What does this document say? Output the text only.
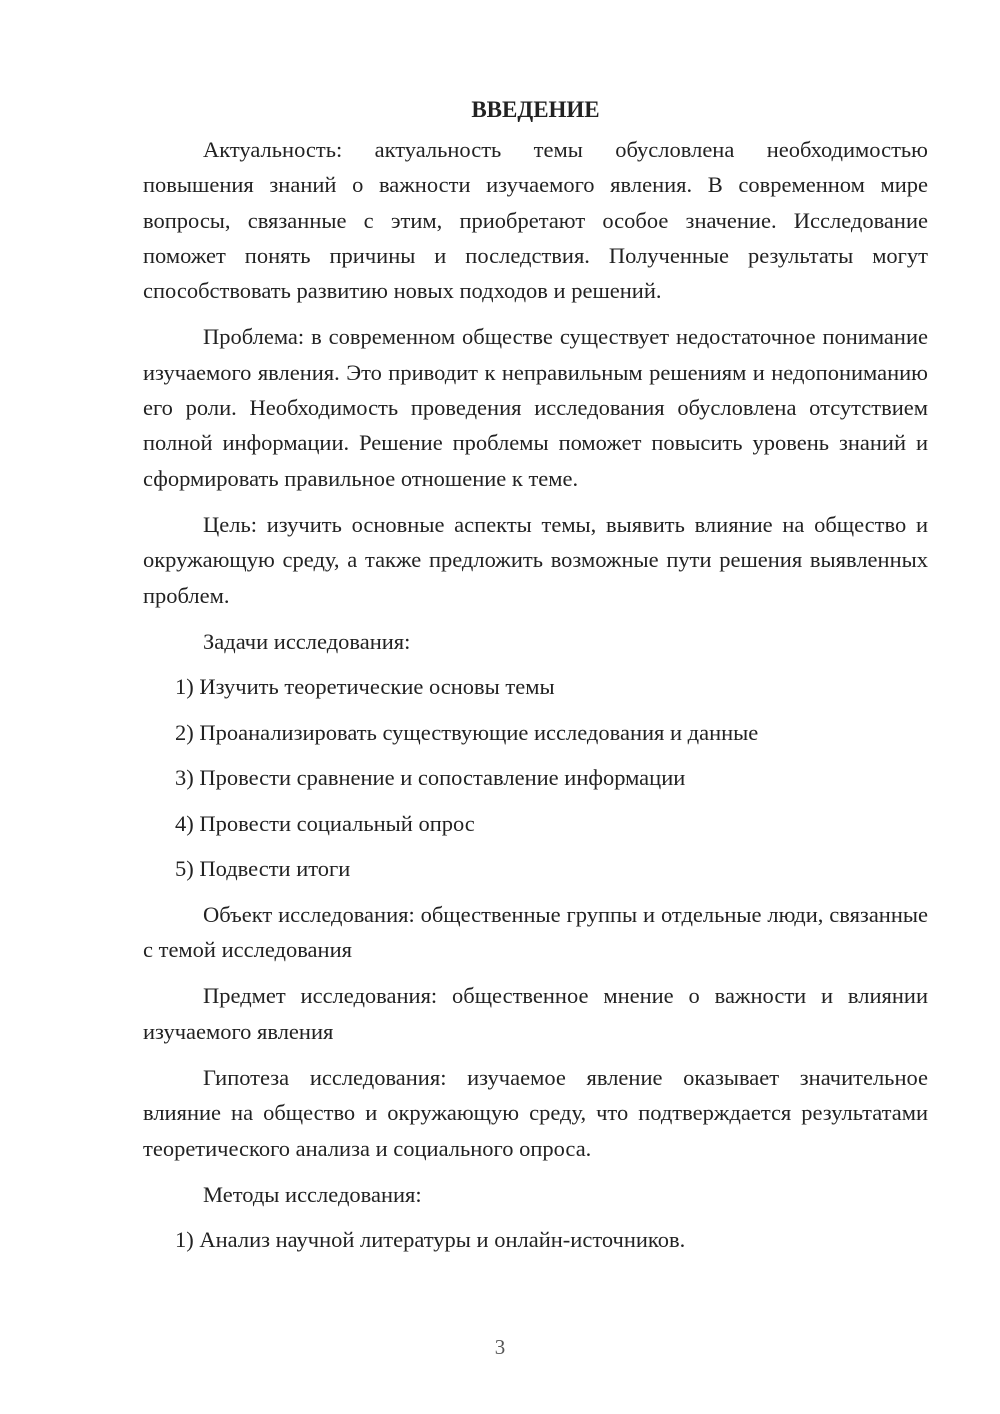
ВВЕДЕНИЕ

Актуальность: актуальность темы обусловлена необходимостью повышения знаний о важности изучаемого явления. В современном мире вопросы, связанные с этим, приобретают особое значение. Исследование поможет понять причины и последствия. Полученные результаты могут способствовать развитию новых подходов и решений.

Проблема: в современном обществе существует недостаточное понимание изучаемого явления. Это приводит к неправильным решениям и недопониманию его роли. Необходимость проведения исследования обусловлена отсутствием полной информации. Решение проблемы поможет повысить уровень знаний и сформировать правильное отношение к теме.

Цель: изучить основные аспекты темы, выявить влияние на общество и окружающую среду, а также предложить возможные пути решения выявленных проблем.

Задачи исследования:
1) Изучить теоретические основы темы
2) Проанализировать существующие исследования и данные
3) Провести сравнение и сопоставление информации
4) Провести социальный опрос
5) Подвести итоги

Объект исследования: общественные группы и отдельные люди, связанные с темой исследования

Предмет исследования: общественное мнение о важности и влиянии изучаемого явления

Гипотеза исследования: изучаемое явление оказывает значительное влияние на общество и окружающую среду, что подтверждается результатами теоретического анализа и социального опроса.

Методы исследования:
1) Анализ научной литературы и онлайн-источников.
3
